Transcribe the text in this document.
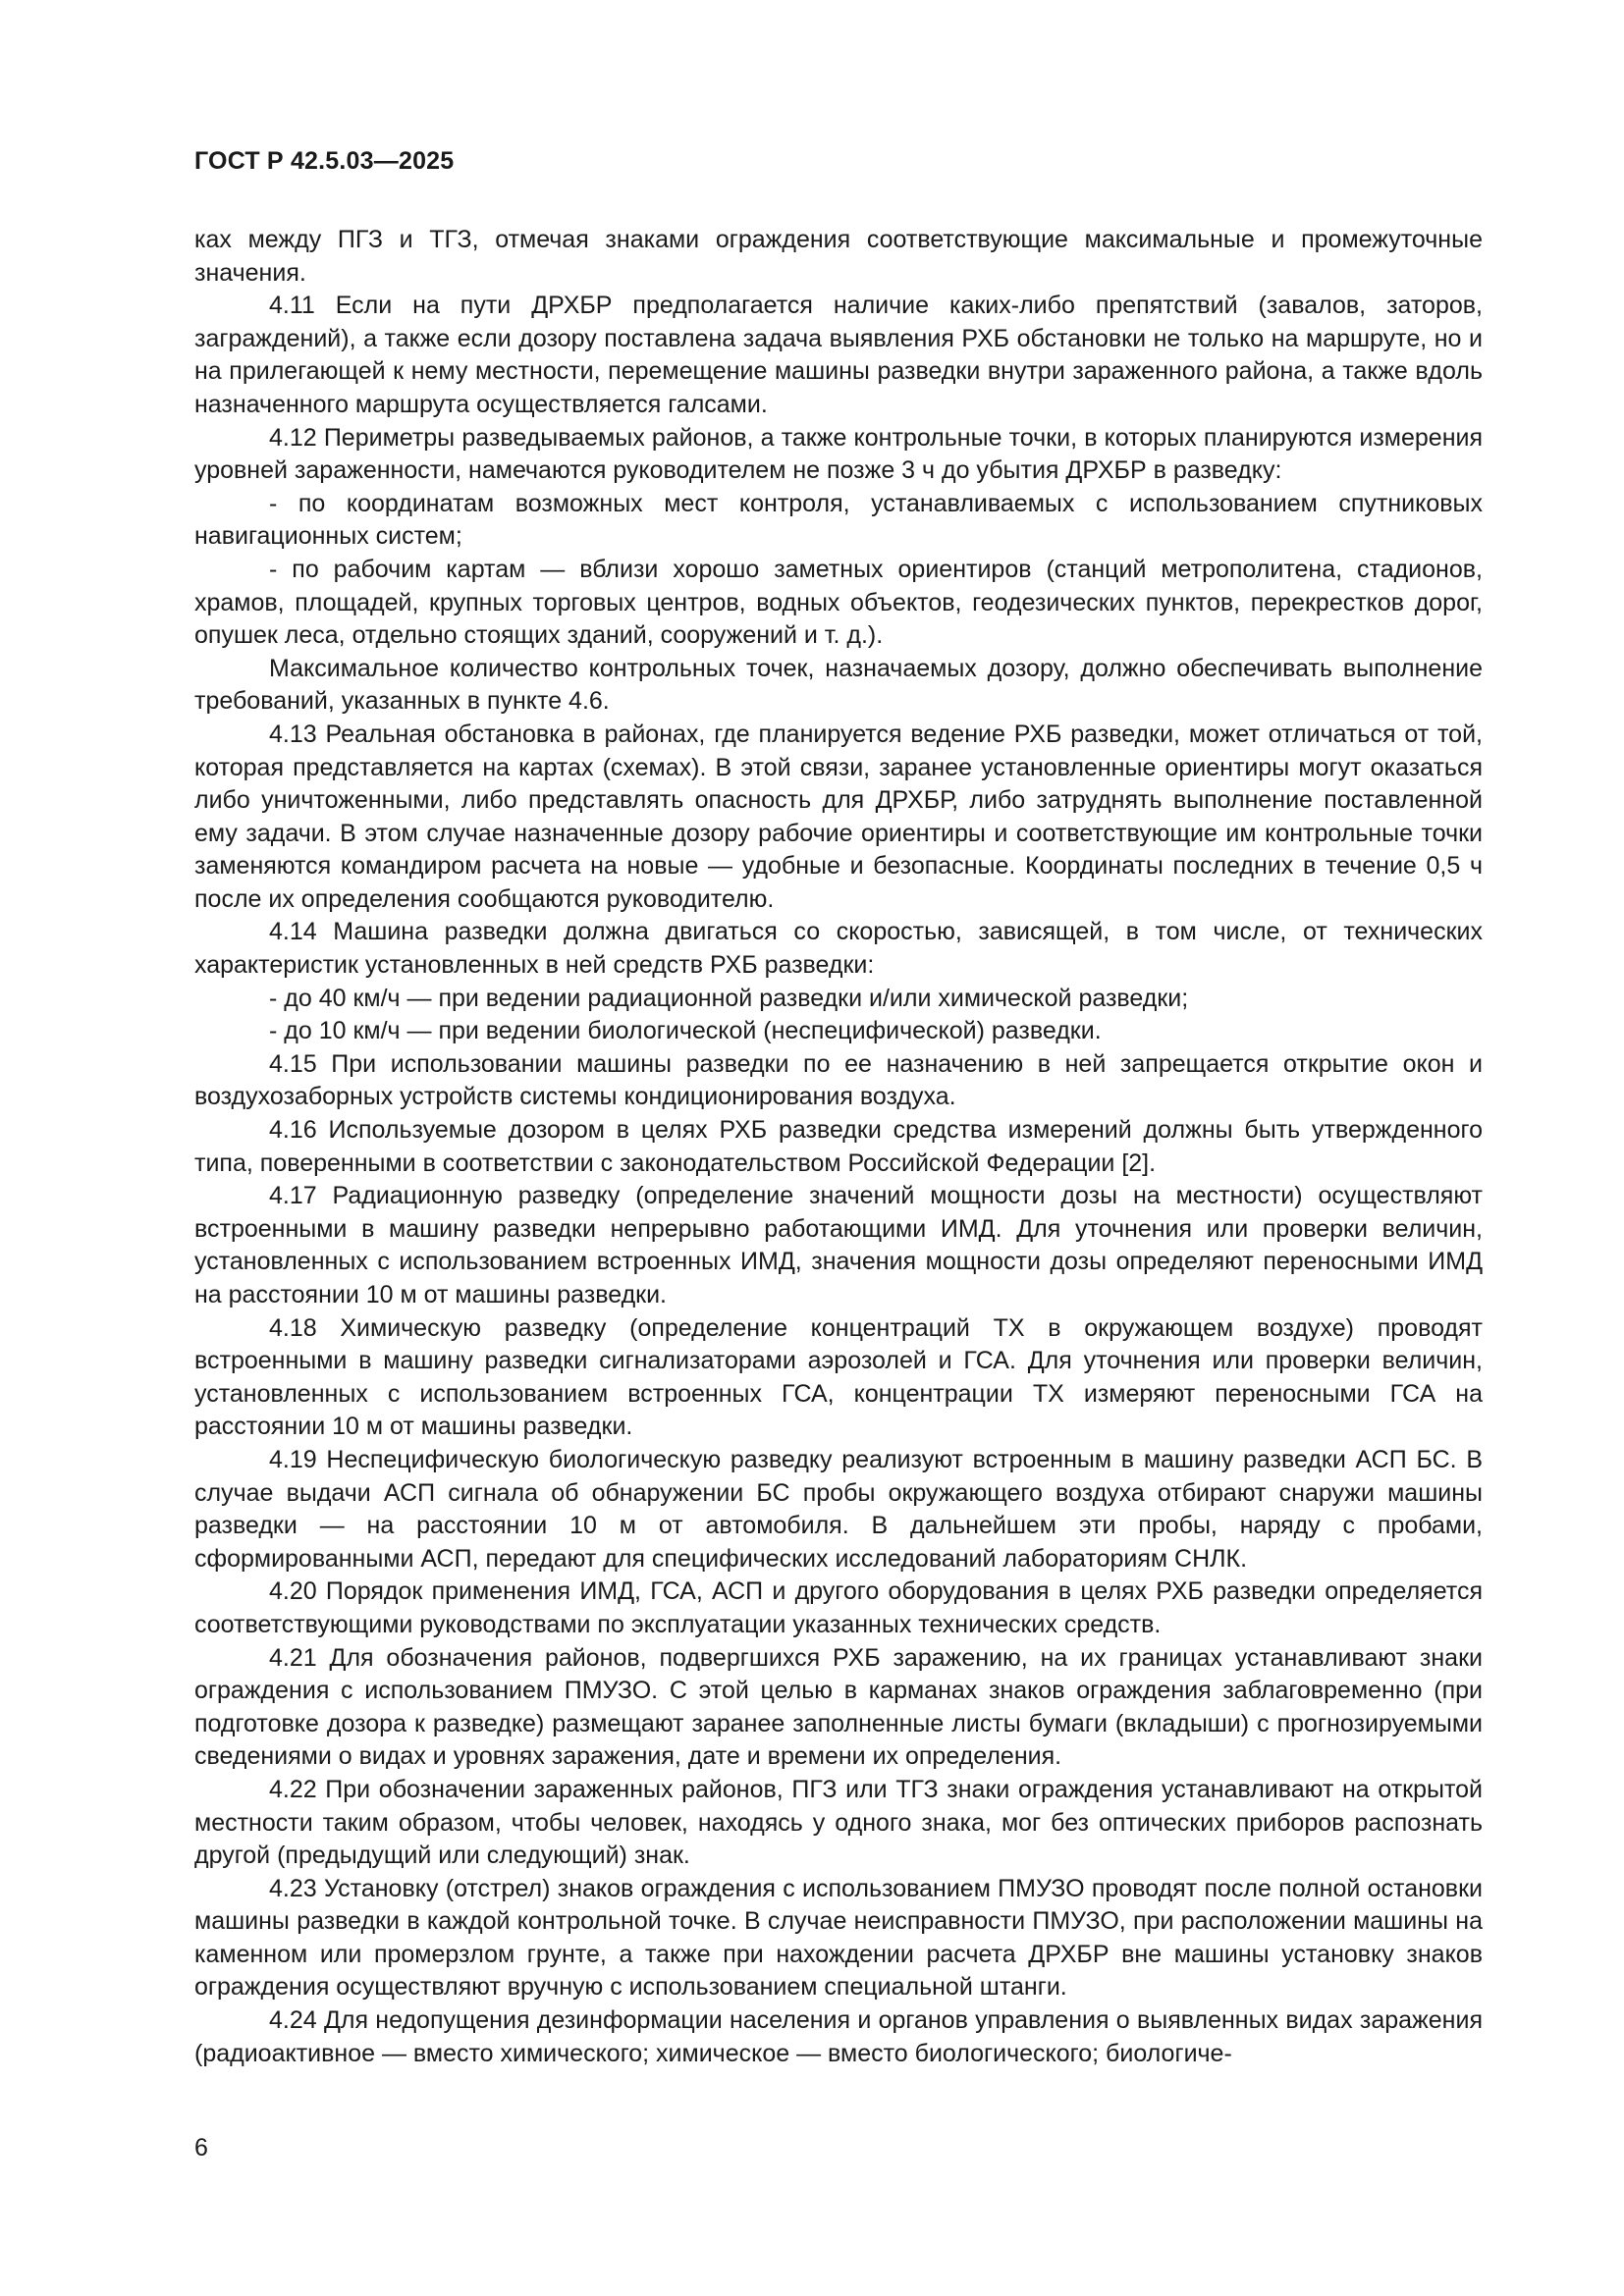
ГОСТ Р 42.5.03—2025

ках между ПГЗ и ТГЗ, отмечая знаками ограждения соответствующие максимальные и промежуточные значения.

4.11 Если на пути ДРХБР предполагается наличие каких-либо препятствий (завалов, заторов, заграждений), а также если дозору поставлена задача выявления РХБ обстановки не только на маршруте, но и на прилегающей к нему местности, перемещение машины разведки внутри зараженного района, а также вдоль назначенного маршрута осуществляется галсами.

4.12 Периметры разведываемых районов, а также контрольные точки, в которых планируются измерения уровней зараженности, намечаются руководителем не позже 3 ч до убытия ДРХБР в разведку:

- по координатам возможных мест контроля, устанавливаемых с использованием спутниковых навигационных систем;

- по рабочим картам — вблизи хорошо заметных ориентиров (станций метрополитена, стадионов, храмов, площадей, крупных торговых центров, водных объектов, геодезических пунктов, перекрестков дорог, опушек леса, отдельно стоящих зданий, сооружений и т. д.).

Максимальное количество контрольных точек, назначаемых дозору, должно обеспечивать выполнение требований, указанных в пункте 4.6.

4.13 Реальная обстановка в районах, где планируется ведение РХБ разведки, может отличаться от той, которая представляется на картах (схемах). В этой связи, заранее установленные ориентиры могут оказаться либо уничтоженными, либо представлять опасность для ДРХБР, либо затруднять выполнение поставленной ему задачи. В этом случае назначенные дозору рабочие ориентиры и соответствующие им контрольные точки заменяются командиром расчета на новые — удобные и безопасные. Координаты последних в течение 0,5 ч после их определения сообщаются руководителю.

4.14 Машина разведки должна двигаться со скоростью, зависящей, в том числе, от технических характеристик установленных в ней средств РХБ разведки:

- до 40 км/ч — при ведении радиационной разведки и/или химической разведки;

- до 10 км/ч — при ведении биологической (неспецифической) разведки.

4.15 При использовании машины разведки по ее назначению в ней запрещается открытие окон и воздухозаборных устройств системы кондиционирования воздуха.

4.16 Используемые дозором в целях РХБ разведки средства измерений должны быть утвержденного типа, поверенными в соответствии с законодательством Российской Федерации [2].

4.17 Радиационную разведку (определение значений мощности дозы на местности) осуществляют встроенными в машину разведки непрерывно работающими ИМД. Для уточнения или проверки величин, установленных с использованием встроенных ИМД, значения мощности дозы определяют переносными ИМД на расстоянии 10 м от машины разведки.

4.18 Химическую разведку (определение концентраций ТХ в окружающем воздухе) проводят встроенными в машину разведки сигнализаторами аэрозолей и ГСА. Для уточнения или проверки величин, установленных с использованием встроенных ГСА, концентрации ТХ измеряют переносными ГСА на расстоянии 10 м от машины разведки.

4.19 Неспецифическую биологическую разведку реализуют встроенным в машину разведки АСП БС. В случае выдачи АСП сигнала об обнаружении БС пробы окружающего воздуха отбирают снаружи машины разведки — на расстоянии 10 м от автомобиля. В дальнейшем эти пробы, наряду с пробами, сформированными АСП, передают для специфических исследований лабораториям СНЛК.

4.20 Порядок применения ИМД, ГСА, АСП и другого оборудования в целях РХБ разведки определяется соответствующими руководствами по эксплуатации указанных технических средств.

4.21 Для обозначения районов, подвергшихся РХБ заражению, на их границах устанавливают знаки ограждения с использованием ПМУЗО. С этой целью в карманах знаков ограждения заблаговременно (при подготовке дозора к разведке) размещают заранее заполненные листы бумаги (вкладыши) с прогнозируемыми сведениями о видах и уровнях заражения, дате и времени их определения.

4.22 При обозначении зараженных районов, ПГЗ или ТГЗ знаки ограждения устанавливают на открытой местности таким образом, чтобы человек, находясь у одного знака, мог без оптических приборов распознать другой (предыдущий или следующий) знак.

4.23 Установку (отстрел) знаков ограждения с использованием ПМУЗО проводят после полной остановки машины разведки в каждой контрольной точке. В случае неисправности ПМУЗО, при расположении машины на каменном или промерзлом грунте, а также при нахождении расчета ДРХБР вне машины установку знаков ограждения осуществляют вручную с использованием специальной штанги.

4.24 Для недопущения дезинформации населения и органов управления о выявленных видах заражения (радиоактивное — вместо химического; химическое — вместо биологического; биологиче-

6
